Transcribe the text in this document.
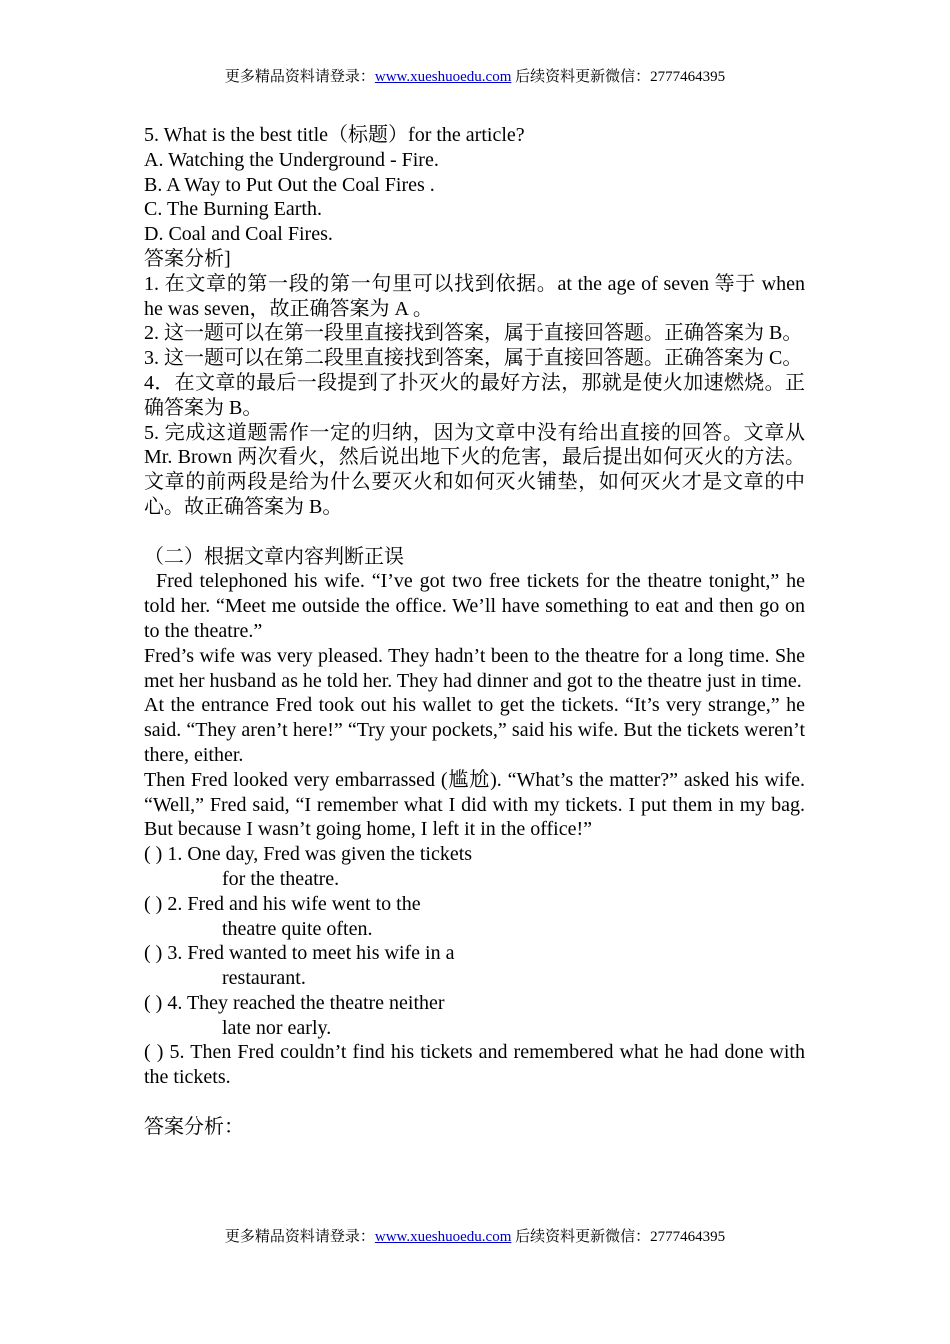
更多精品资料请登录：www.xueshuoedu.com 后续资料更新微信：2777464395

5. What is the best title（标题）for the article?

A. Watching the Underground - Fire.

B. A Way to Put Out the Coal Fires .

C. The Burning Earth.

D. Coal and Coal Fires.

答案分析]

1. 在文章的第一段的第一句里可以找到依据。at the age of seven 等于 when he was seven，故正确答案为 A 。

2. 这一题可以在第一段里直接找到答案，属于直接回答题。正确答案为 B。

3. 这一题可以在第二段里直接找到答案，属于直接回答题。正确答案为 C。

4．在文章的最后一段提到了扑灭火的最好方法，那就是使火加速燃烧。正确答案为 B。

5. 完成这道题需作一定的归纳，因为文章中没有给出直接的回答。文章从 Mr. Brown 两次看火，然后说出地下火的危害，最后提出如何灭火的方法。文章的前两段是给为什么要灭火和如何灭火铺垫，如何灭火才是文章的中心。故正确答案为 B。

（二）根据文章内容判断正误

Fred telephoned his wife. “I’ve got two free tickets for the theatre tonight,” he told her. “Meet me outside the office. We’ll have something to eat and then go on to the theatre.”

Fred’s wife was very pleased. They hadn’t been to the theatre for a long time. She met her husband as he told her. They had dinner and got to the theatre just in time.

At the entrance Fred took out his wallet to get the tickets. “It’s very strange,” he said. “They aren’t here!” “Try your pockets,” said his wife. But the tickets weren’t there, either.

Then Fred looked very embarrassed (尴尬). “What’s the matter?” asked his wife. “Well,” Fred said, “I remember what I did with my tickets. I put them in my bag. But because I wasn’t going home, I left it in the office!”

( ) 1. One day, Fred was given the tickets

for the theatre.

( ) 2. Fred and his wife went to the

theatre quite often.

( ) 3. Fred wanted to meet his wife in a

restaurant.

( ) 4. They reached the theatre neither

late nor early.

( ) 5. Then Fred couldn’t find his tickets and remembered what he had done with the tickets.

答案分析：

更多精品资料请登录：www.xueshuoedu.com 后续资料更新微信：2777464395
